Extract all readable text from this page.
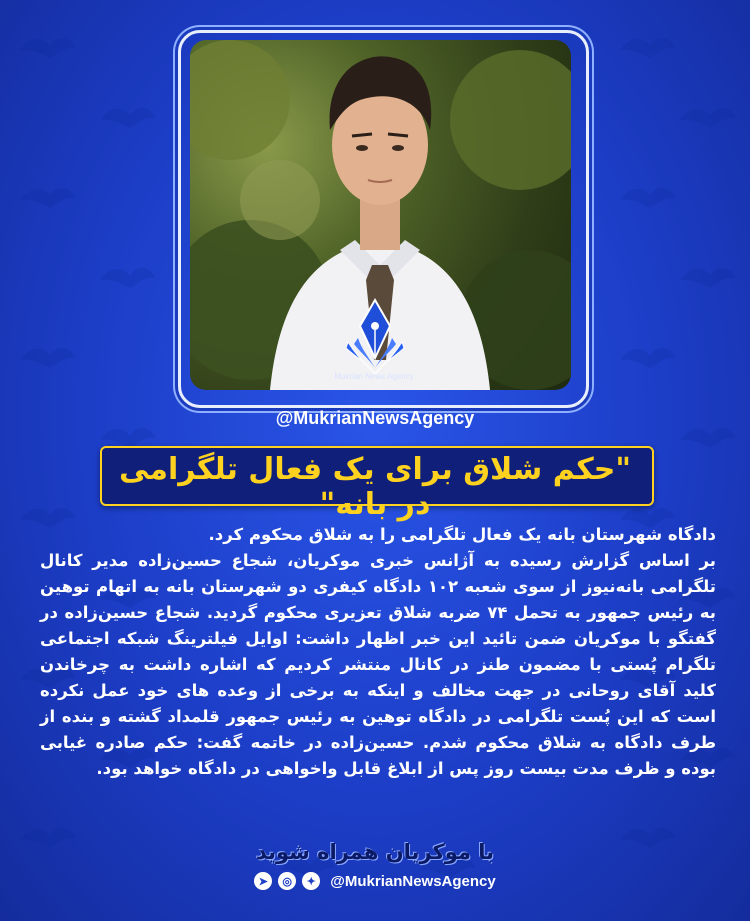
Mukrian News Agency
@MukrianNewsAgency
"حکم شلاق برای یک فعال تلگرامی در بانه"

دادگاه شهرستان بانه یک فعال تلگرامی را به شلاق محکوم کرد.

بر اساس گزارش رسیده به آژانس خبری موکریان، شجاع حسین‌زاده مدیر کانال تلگرامی بانه‌نیوز از سوی شعبه ۱۰۲ دادگاه کیفری دو شهرستان بانه به اتهام توهین به رئیس جمهور به تحمل ۷۴ ضربه شلاق تعزیری محکوم گردید. شجاع حسین‌زاده در گفتگو با موکریان ضمن تائید این خبر اظهار داشت: اوایل فیلترینگ شبکه اجتماعی تلگرام پُستی با مضمون طنز در کانال منتشر کردیم که اشاره داشت به چرخاندن کلید آقای روحانی در جهت مخالف و اینکه به برخی از وعده های خود عمل نکرده است که این پُست تلگرامی در دادگاه توهین به رئیس جمهور قلمداد گشته و بنده از طرف دادگاه به شلاق محکوم شدم. حسین‌زاده در خاتمه گفت: حکم صادره غیابی بوده و ظرف مدت بیست روز پس از ابلاغ قابل واخواهی در دادگاه خواهد بود.

با موکریان همراه شوید
➤	◎	✦ @MukrianNewsAgency
